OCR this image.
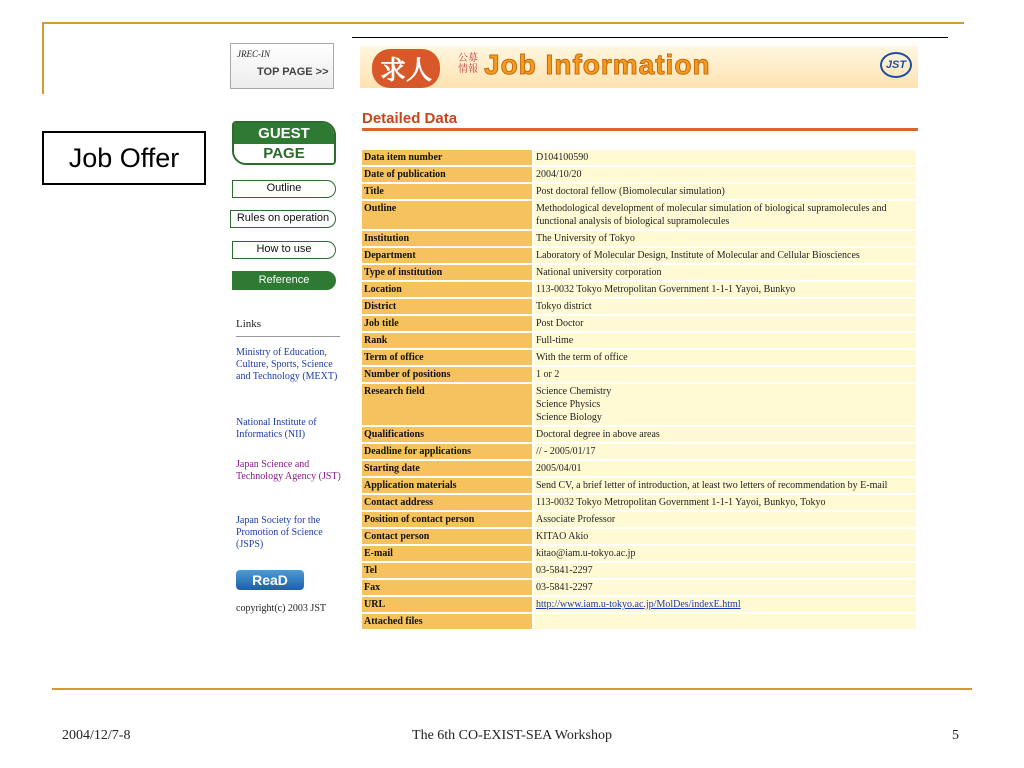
Job Offer
JREC-IN
TOP PAGE >>	求人	公募
情報 Job Information	JST
Detailed Data
GUEST
PAGE
Outline
Rules on operation
How to use
Reference
Links
Ministry of Education, Culture, Sports, Science and Technology (MEXT)
National Institute of Informatics (NII)
Japan Science and Technology Agency (JST)
Japan Society for the Promotion of Science (JSPS)
ReaD
copyright(c) 2003 JST
Data item number	D104100590
Date of publication	2004/10/20
Title	Post doctoral fellow (Biomolecular simulation)
Outline	Methodological development of molecular simulation of biological supramolecules and functional analysis of biological supramolecules
Institution	The University of Tokyo
Department	Laboratory of Molecular Design, Institute of Molecular and Cellular Biosciences
Type of institution	National university corporation
Location	113-0032 Tokyo Metropolitan Government 1-1-1 Yayoi, Bunkyo
District	Tokyo district
Job title	Post Doctor
Rank	Full-time
Term of office	With the term of office
Number of positions	1 or 2
Research field	Science Chemistry
Science Physics
Science Biology
Qualifications	Doctoral degree in above areas
Deadline for applications	// - 2005/01/17
Starting date	2005/04/01
Application materials	Send CV, a brief letter of introduction, at least two letters of recommendation by E-mail
Contact address	113-0032 Tokyo Metropolitan Government 1-1-1 Yayoi, Bunkyo, Tokyo
Position of contact person	Associate Professor
Contact person	KITAO Akio
E-mail	kitao@iam.u-tokyo.ac.jp
Tel	03-5841-2297
Fax	03-5841-2297
URL	http://www.iam.u-tokyo.ac.jp/MolDes/indexE.html
Attached files	
2004/12/7-8	The 6th CO-EXIST-SEA Workshop	5
